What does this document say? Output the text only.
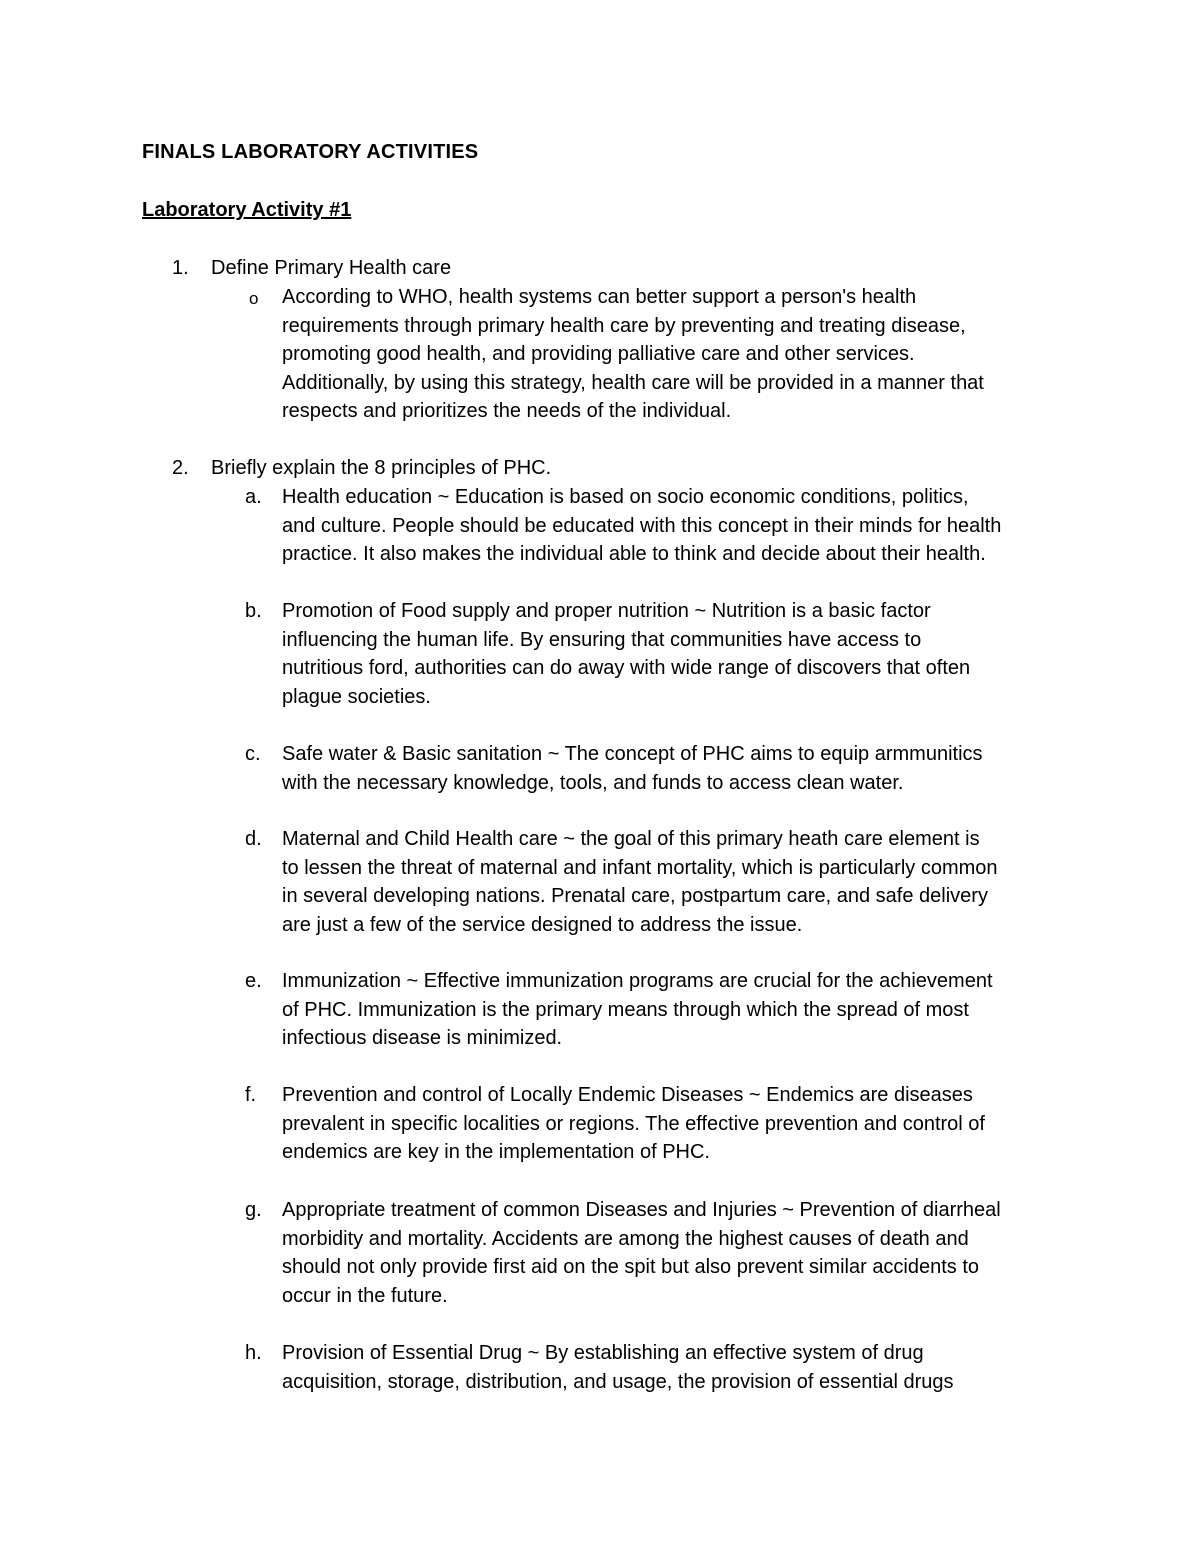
FINALS LABORATORY ACTIVITIES
Laboratory Activity #1
1.	Define Primary Health care
o According to WHO, health systems can better support a person's health
requirements through primary health care by preventing and treating disease,
promoting good health, and providing palliative care and other services.
Additionally, by using this strategy, health care will be provided in a manner that
respects and prioritizes the needs of the individual.
2.	Briefly explain the 8 principles of PHC.
a.	Health education ~ Education is based on socio economic conditions, politics,
and culture. People should be educated with this concept in their minds for health
practice. It also makes the individual able to think and decide about their health.
b.	Promotion of Food supply and proper nutrition ~ Nutrition is a basic factor
influencing the human life. By ensuring that communities have access to
nutritious ford, authorities can do away with wide range of discovers that often
plague societies.
c.	Safe water & Basic sanitation ~ The concept of PHC aims to equip armmunitics
with the necessary knowledge, tools, and funds to access clean water.
d.	Maternal and Child Health care ~ the goal of this primary heath care element is
to lessen the threat of maternal and infant mortality, which is particularly common
in several developing nations. Prenatal care, postpartum care, and safe delivery
are just a few of the service designed to address the issue.
e.	Immunization ~ Effective immunization programs are crucial for the achievement
of PHC. Immunization is the primary means through which the spread of most
infectious disease is minimized.
f.	Prevention and control of Locally Endemic Diseases ~ Endemics are diseases
prevalent in specific localities or regions. The effective prevention and control of
endemics are key in the implementation of PHC.
g.	Appropriate treatment of common Diseases and Injuries ~ Prevention of diarrheal
morbidity and mortality. Accidents are among the highest causes of death and
should not only provide first aid on the spit but also prevent similar accidents to
occur in the future.
h.	Provision of Essential Drug ~ By establishing an effective system of drug
acquisition, storage, distribution, and usage, the provision of essential drugs
